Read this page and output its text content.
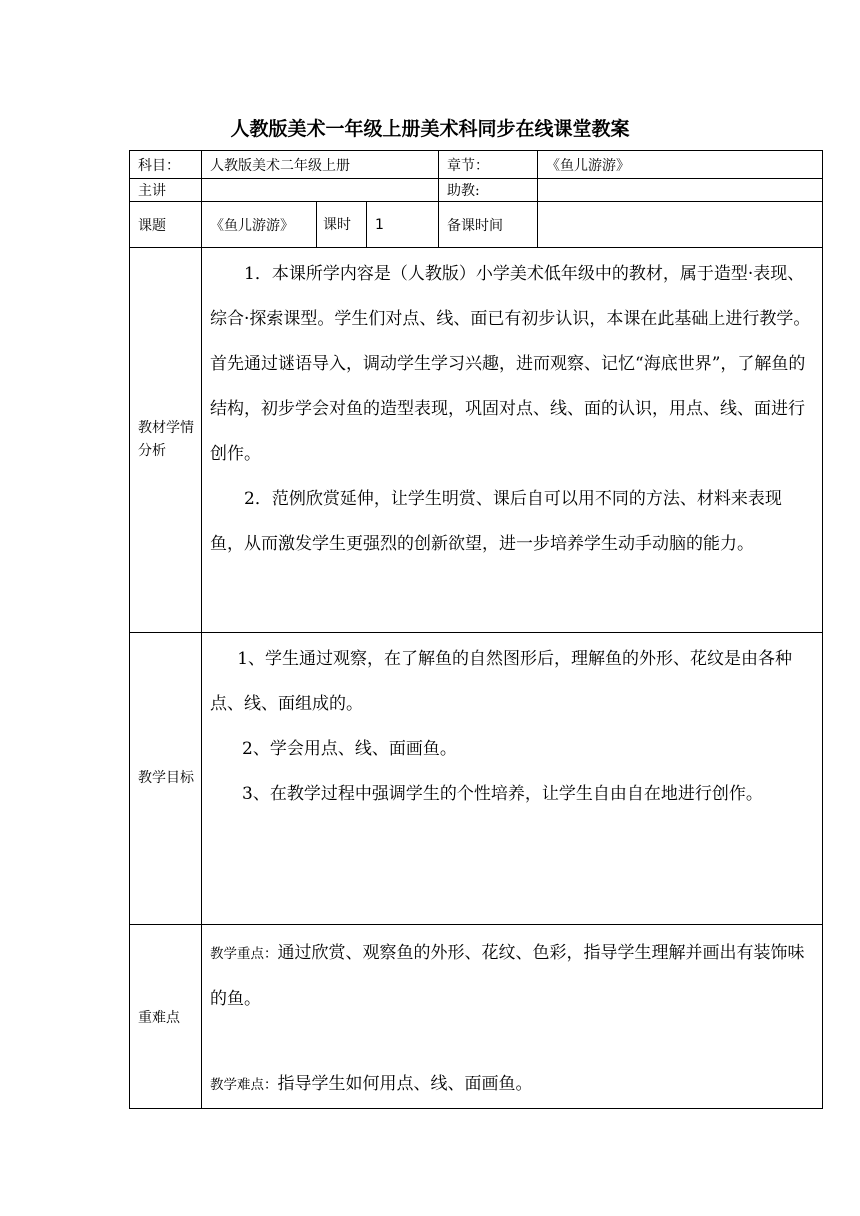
人教版美术一年级上册美术科同步在线课堂教案
科目：	人教版美术二年级上册			章节：	《鱼儿游游》
主讲				助教:	
课题	《鱼儿游游》	课时	1	备课时间	
教材学情分析	1．本课所学内容是（人教版）小学美术低年级中的教材，属于造型·表现、综合·探索课型。学生们对点、线、面已有初步认识，本课在此基础上进行教学。首先通过谜语导入，调动学生学习兴趣，进而观察、记忆“海底世界”，了解鱼的结构，初步学会对鱼的造型表现，巩固对点、线、面的认识，用点、线、面进行创作。

2．范例欣赏延伸，让学生明赏、课后自可以用不同的方法、材料来表现鱼，从而激发学生更强烈的创新欲望，进一步培养学生动手动脑的能力。				

教学目标	1、学生通过观察，在了解鱼的自然图形后，理解鱼的外形、花纹是由各种点、线、面组成的。

2、学会用点、线、面画鱼。

3、在教学过程中强调学生的个性培养，让学生自由自在地进行创作。				

重难点	教学重点：通过欣赏、观察鱼的外形、花纹、色彩，指导学生理解并画出有装饰味的鱼。

教学难点：指导学生如何用点、线、面画鱼。				
